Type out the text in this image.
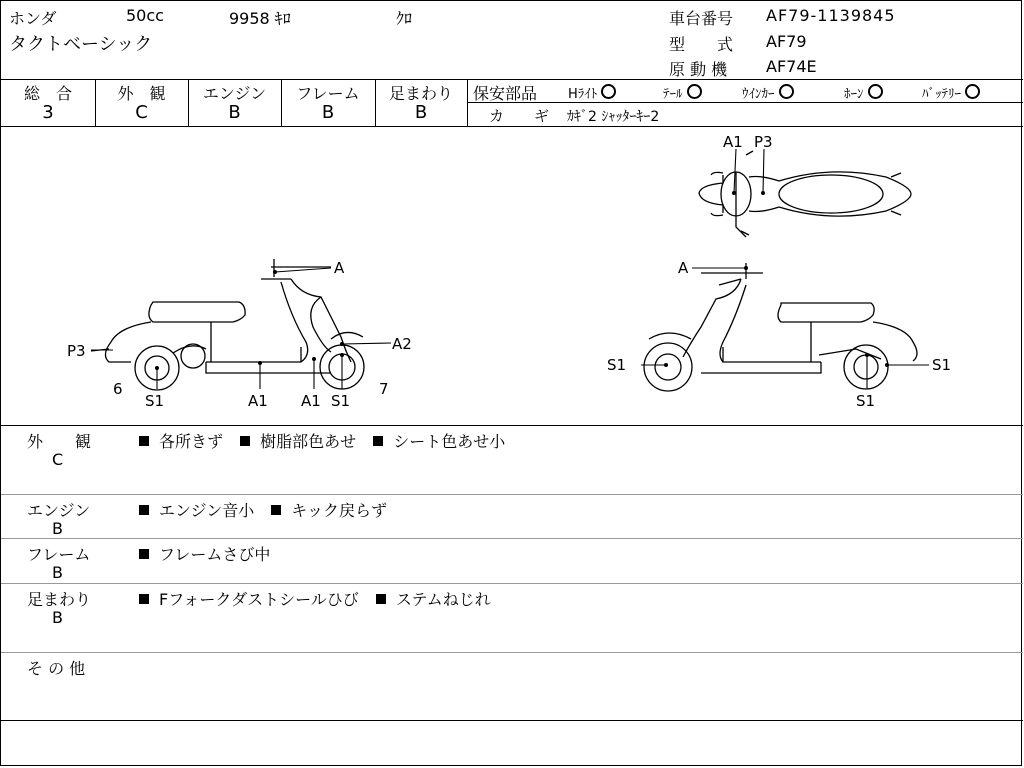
ホンダ	50cc	9958 ｷﾛ	ｸﾛ
タクトベーシック
車台番号 AF79-1139845
型　　式 AF79
原 動 機 AF74E
総　合	外　観	エンジン	フレーム	足まわり
3	C	B	B	B
保安部品 Hﾗｲﾄ	ﾃｰﾙ	ｳｲﾝｶｰ	ﾎｰﾝ	ﾊﾞｯﾃﾘｰ
カ　　ギ ｶｷﾞ2 ｼｬｯﾀｰｷｰ2
A1 P3
A
A2
P3
6
S1	A1 A1 S1
7
A
S1	S1
S1
外　　観
C
各所きず 樹脂部色あせ シート色あせ小
エンジン
B
エンジン音小 キック戻らず
フレーム
B
フレームさび中
足まわり
B
Fフォークダストシールひび ステムねじれ
そ の 他
